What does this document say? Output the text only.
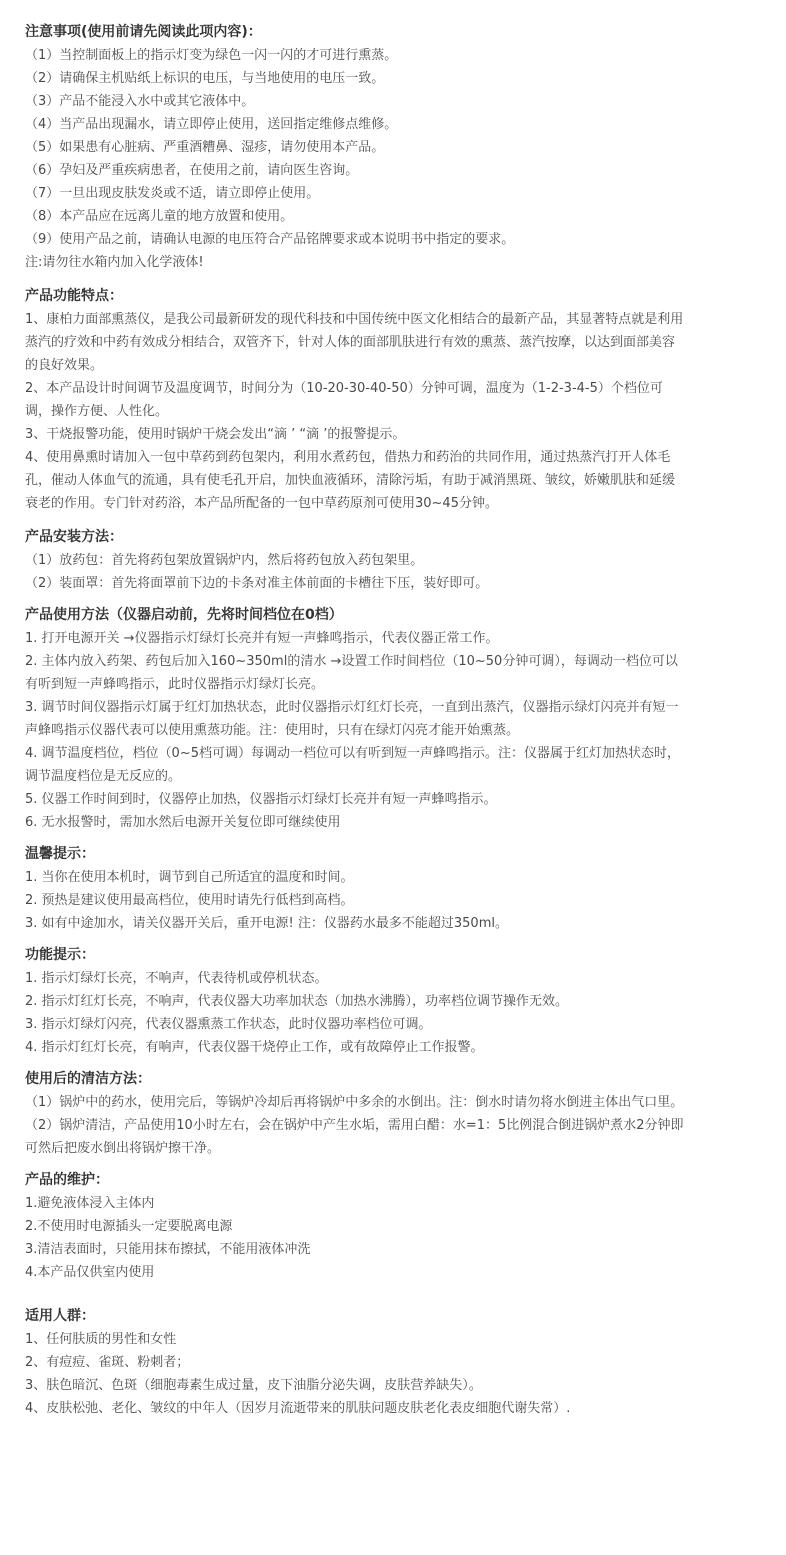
注意事项(使用前请先阅读此项内容)：
（1）当控制面板上的指示灯变为绿色一闪一闪的才可进行熏蒸。
（2）请确保主机贴纸上标识的电压，与当地使用的电压一致。
（3）产品不能浸入水中或其它液体中。
（4）当产品出现漏水，请立即停止使用，送回指定维修点维修。
（5）如果患有心脏病、严重酒糟鼻、湿疹，请勿使用本产品。
（6）孕妇及严重疾病患者，在使用之前，请向医生咨询。
（7）一旦出现皮肤发炎或不适，请立即停止使用。
（8）本产品应在远离儿童的地方放置和使用。
（9）使用产品之前，请确认电源的电压符合产品铭牌要求或本说明书中指定的要求。
注:请勿往水箱内加入化学液体!
产品功能特点：
1、康柏力面部熏蒸仪，是我公司最新研发的现代科技和中国传统中医文化相结合的最新产品，其显著特点就是利用蒸汽的疗效和中药有效成分相结合，双管齐下，针对人体的面部肌肤进行有效的熏蒸、蒸汽按摩，以达到面部美容的良好效果。
2、本产品设计时间调节及温度调节，时间分为（10-20-30-40-50）分钟可调，温度为（1-2-3-4-5）个档位可调，操作方便、人性化。
3、干烧报警功能，使用时锅炉干烧会发出“滴 ’ “滴 ’的报警提示。
4、使用鼻熏时请加入一包中草药到药包架内，利用水煮药包，借热力和药治的共同作用，通过热蒸汽打开人体毛孔，催动人体血气的流通，具有使毛孔开启，加快血液循环，清除污垢，有助于减消黑斑、皱纹，娇嫩肌肤和延缓衰老的作用。专门针对药浴，本产品所配备的一包中草药原剂可使用30~45分钟。
产品安装方法：
（1）放药包：首先将药包架放置锅炉内，然后将药包放入药包架里。
（2）装面罩：首先将面罩前下边的卡条对准主体前面的卡槽往下压，装好即可。
产品使用方法（仪器启动前，先将时间档位在0档）
1. 打开电源开关 →仪器指示灯绿灯长亮并有短一声蜂鸣指示，代表仪器正常工作。
2. 主体内放入药架、药包后加入160~350ml的清水 →设置工作时间档位（10~50分钟可调），每调动一档位可以有听到短一声蜂鸣指示，此时仪器指示灯绿灯长亮。
3. 调节时间仪器指示灯属于红灯加热状态，此时仪器指示灯红灯长亮，一直到出蒸汽，仪器指示绿灯闪亮并有短一声蜂鸣指示仪器代表可以使用熏蒸功能。注：使用时，只有在绿灯闪亮才能开始熏蒸。
4. 调节温度档位，档位（0~5档可调）每调动一档位可以有听到短一声蜂鸣指示。注：仪器属于红灯加热状态时，调节温度档位是无反应的。
5. 仪器工作时间到时，仪器停止加热，仪器指示灯绿灯长亮并有短一声蜂鸣指示。
6. 无水报警时，需加水然后电源开关复位即可继续使用
温馨提示：
1. 当你在使用本机时，调节到自己所适宜的温度和时间。
2. 预热是建议使用最高档位，使用时请先行低档到高档。
3. 如有中途加水，请关仪器开关后，重开电源! 注：仪器药水最多不能超过350ml。
功能提示：
1. 指示灯绿灯长亮，不响声，代表待机或停机状态。
2. 指示灯红灯长亮，不响声，代表仪器大功率加状态（加热水沸腾），功率档位调节操作无效。
3. 指示灯绿灯闪亮，代表仪器熏蒸工作状态，此时仪器功率档位可调。
4. 指示灯红灯长亮，有响声，代表仪器干烧停止工作，或有故障停止工作报警。
使用后的清洁方法：
（1）锅炉中的药水，使用完后，等锅炉冷却后再将锅炉中多余的水倒出。注：倒水时请勿将水倒进主体出气口里。
（2）锅炉清洁，产品使用10小时左右，会在锅炉中产生水垢，需用白醋：水=1：5比例混合倒进锅炉煮水2分钟即可然后把废水倒出将锅炉擦干净。
产品的维护：
1.避免液体浸入主体内
2.不使用时电源插头一定要脱离电源
3.清洁表面时，只能用抹布擦拭，不能用液体冲洗
4.本产品仅供室内使用
适用人群：
1、任何肤质的男性和女性
2、有痘痘、雀斑、粉刺者；
3、肤色暗沉、色斑（细胞毒素生成过量，皮下油脂分泌失调，皮肤营养缺失）。
4、皮肤松弛、老化、皱纹的中年人（因岁月流逝带来的肌肤问题皮肤老化表皮细胞代谢失常）.
